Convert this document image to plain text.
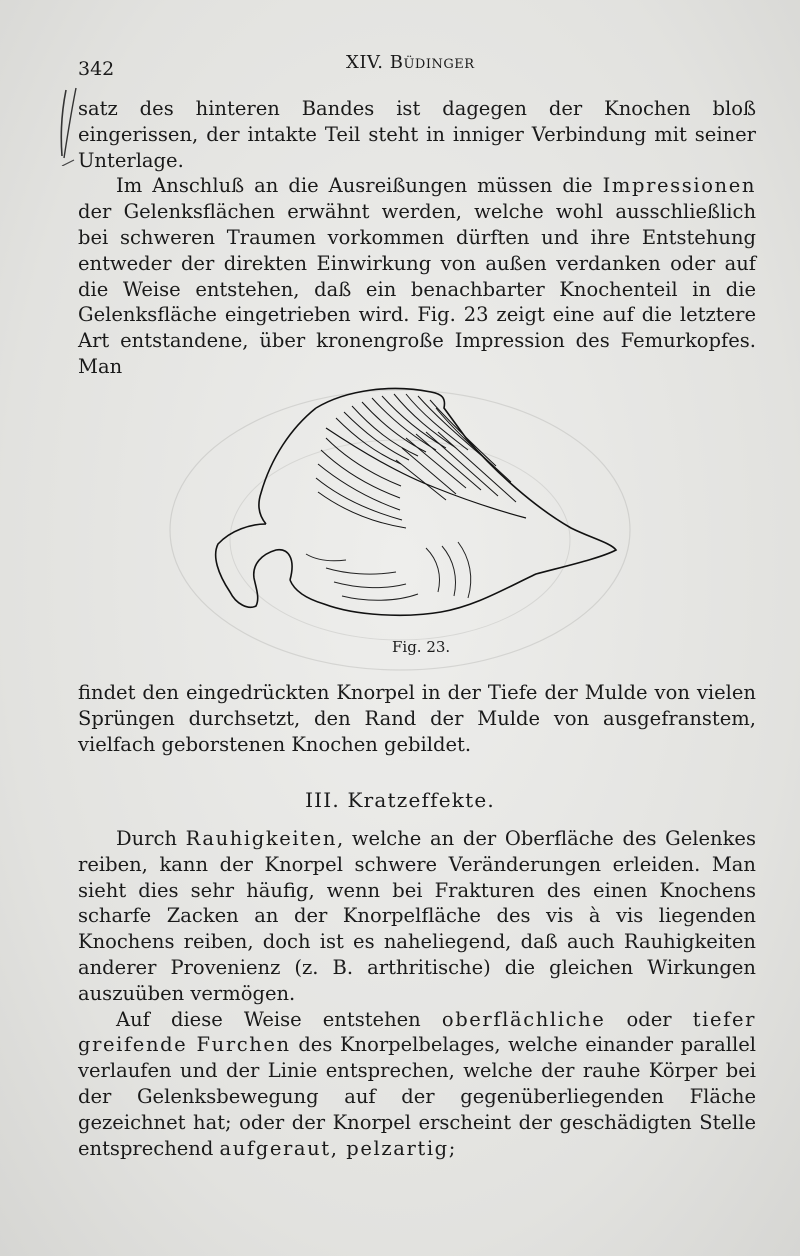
342	XIV. Büdinger

satz des hinteren Bandes ist dagegen der Knochen bloß eingerissen, der intakte Teil steht in inniger Verbindung mit seiner Unterlage.

Im Anschluß an die Ausreißungen müssen die Impressionen der Gelenksflächen erwähnt werden, welche wohl ausschließlich bei schweren Traumen vorkommen dürften und ihre Entstehung entweder der direkten Einwirkung von außen verdanken oder auf die Weise entstehen, daß ein benachbarter Knochenteil in die Gelenksfläche eingetrieben wird. Fig. 23 zeigt eine auf die letztere Art entstandene, über kronengroße Impression des Femurkopfes. Man

Fig. 23.

findet den eingedrückten Knorpel in der Tiefe der Mulde von vielen Sprüngen durchsetzt, den Rand der Mulde von ausgefranstem, vielfach geborstenen Knochen gebildet.

III. Kratzeffekte.

Durch Rauhigkeiten, welche an der Oberfläche des Gelenkes reiben, kann der Knorpel schwere Veränderungen erleiden. Man sieht dies sehr häufig, wenn bei Frakturen des einen Knochens scharfe Zacken an der Knorpelfläche des vis à vis liegenden Knochens reiben, doch ist es naheliegend, daß auch Rauhigkeiten anderer Provenienz (z. B. arthritische) die gleichen Wirkungen auszuüben vermögen.

Auf diese Weise entstehen oberflächliche oder tiefer greifende Furchen des Knorpelbelages, welche einander parallel verlaufen und der Linie entsprechen, welche der rauhe Körper bei der Gelenksbewegung auf der gegenüberliegenden Fläche gezeichnet hat; oder der Knorpel erscheint der geschädigten Stelle entsprechend aufgeraut, pelzartig;
